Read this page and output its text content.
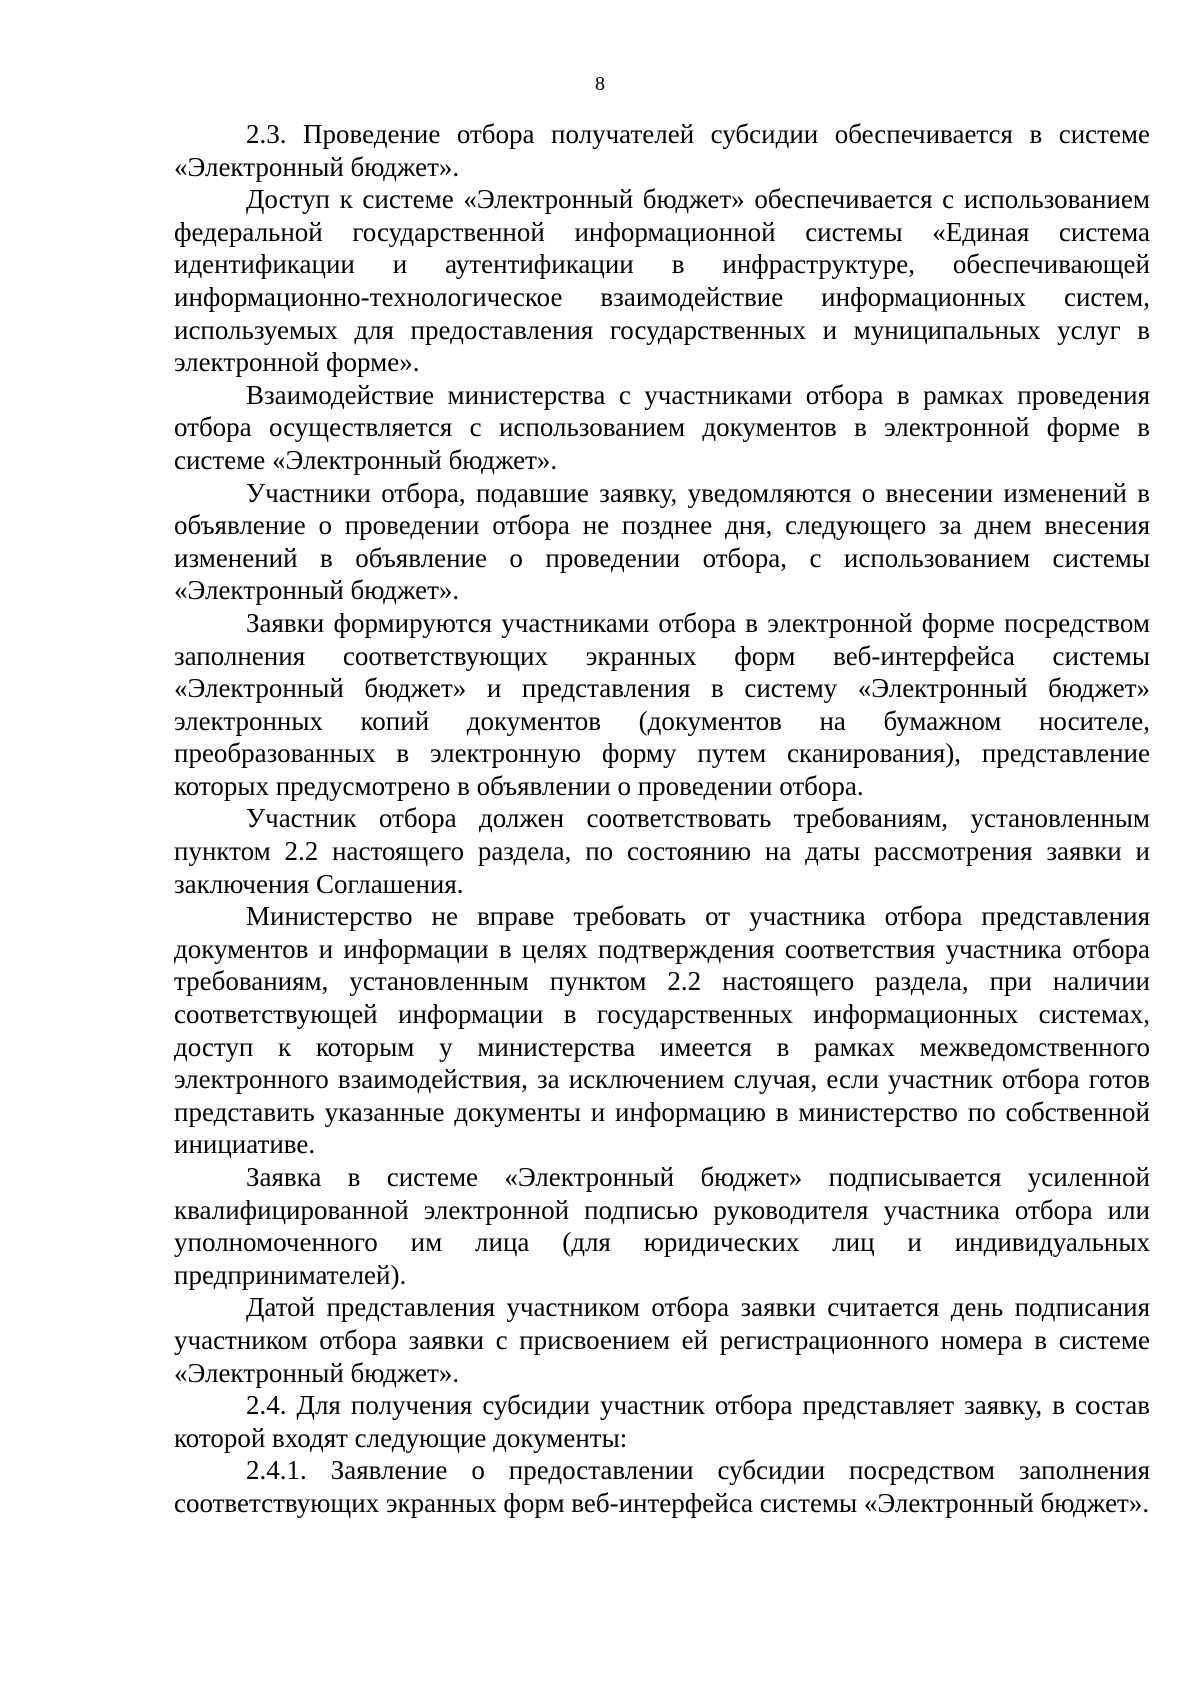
8

2.3. Проведение отбора получателей субсидии обеспечивается в системе «Электронный бюджет».

Доступ к системе «Электронный бюджет» обеспечивается с использованием федеральной государственной информационной системы «Единая система идентификации и аутентификации в инфраструктуре, обеспечивающей информационно-технологическое взаимодействие информационных систем, используемых для предоставления государственных и муниципальных услуг в электронной форме».

Взаимодействие министерства с участниками отбора в рамках проведения отбора осуществляется с использованием документов в электронной форме в системе «Электронный бюджет».

Участники отбора, подавшие заявку, уведомляются о внесении изменений в объявление о проведении отбора не позднее дня, следующего за днем внесения изменений в объявление о проведении отбора, с использованием системы «Электронный бюджет».

Заявки формируются участниками отбора в электронной форме посредством заполнения соответствующих экранных форм веб-интерфейса системы «Электронный бюджет» и представления в систему «Электронный бюджет» электронных копий документов (документов на бумажном носителе, преобразованных в электронную форму путем сканирования), представление которых предусмотрено в объявлении о проведении отбора.

Участник отбора должен соответствовать требованиям, установленным пунктом 2.2 настоящего раздела, по состоянию на даты рассмотрения заявки и заключения Соглашения.

Министерство не вправе требовать от участника отбора представления документов и информации в целях подтверждения соответствия участника отбора требованиям, установленным пунктом 2.2 настоящего раздела, при наличии соответствующей информации в государственных информационных системах, доступ к которым у министерства имеется в рамках межведомственного электронного взаимодействия, за исключением случая, если участник отбора готов представить указанные документы и информацию в министерство по собственной инициативе.

Заявка в системе «Электронный бюджет» подписывается усиленной квалифицированной электронной подписью руководителя участника отбора или уполномоченного им лица (для юридических лиц и индивидуальных предпринимателей).

Датой представления участником отбора заявки считается день подписания участником отбора заявки с присвоением ей регистрационного номера в системе «Электронный бюджет».

2.4. Для получения субсидии участник отбора представляет заявку, в состав которой входят следующие документы:

2.4.1. Заявление о предоставлении субсидии посредством заполнения соответствующих экранных форм веб-интерфейса системы «Электронный бюджет».
